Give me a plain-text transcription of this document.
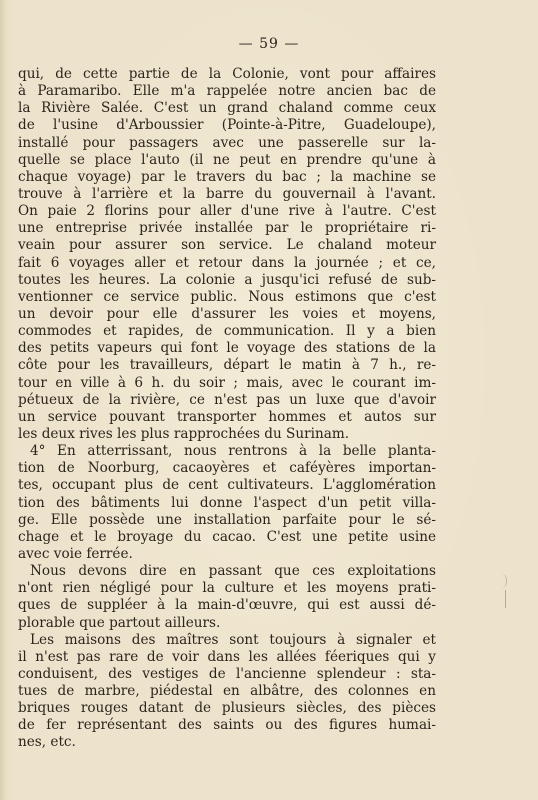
— 59 —
qui, de cette partie de la Colonie, vont pour affaires
à Paramaribo. Elle m'a rappelée notre ancien bac de
la Rivière Salée. C'est un grand chaland comme ceux
de l'usine d'Arboussier (Pointe-à-Pitre, Guadeloupe),
installé pour passagers avec une passerelle sur la-
quelle se place l'auto (il ne peut en prendre qu'une à
chaque voyage) par le travers du bac ; la machine se
trouve à l'arrière et la barre du gouvernail à l'avant.
On paie 2 florins pour aller d'une rive à l'autre. C'est
une entreprise privée installée par le propriétaire ri-
veain pour assurer son service. Le chaland moteur
fait 6 voyages aller et retour dans la journée ; et ce,
toutes les heures. La colonie a jusqu'ici refusé de sub-
ventionner ce service public. Nous estimons que c'est
un devoir pour elle d'assurer les voies et moyens,
commodes et rapides, de communication. Il y a bien
des petits vapeurs qui font le voyage des stations de la
côte pour les travailleurs, départ le matin à 7 h., re-
tour en ville à 6 h. du soir ; mais, avec le courant im-
pétueux de la rivière, ce n'est pas un luxe que d'avoir
un service pouvant transporter hommes et autos sur
les deux rives les plus rapprochées du Surinam.
4° En atterrissant, nous rentrons à la belle planta-
tion de Noorburg, cacaoyères et caféyères importan-
tes, occupant plus de cent cultivateurs. L'agglomération
tion des bâtiments lui donne l'aspect d'un petit villa-
ge. Elle possède une installation parfaite pour le sé-
chage et le broyage du cacao. C'est une petite usine
avec voie ferrée.
Nous devons dire en passant que ces exploitations
n'ont rien négligé pour la culture et les moyens prati-
ques de suppléer à la main-d'œuvre, qui est aussi dé-
plorable que partout ailleurs.
Les maisons des maîtres sont toujours à signaler et
il n'est pas rare de voir dans les allées féeriques qui y
conduisent, des vestiges de l'ancienne splendeur : sta-
tues de marbre, piédestal en albâtre, des colonnes en
briques rouges datant de plusieurs siècles, des pièces
de fer représentant des saints ou des figures humai-
nes, etc.
